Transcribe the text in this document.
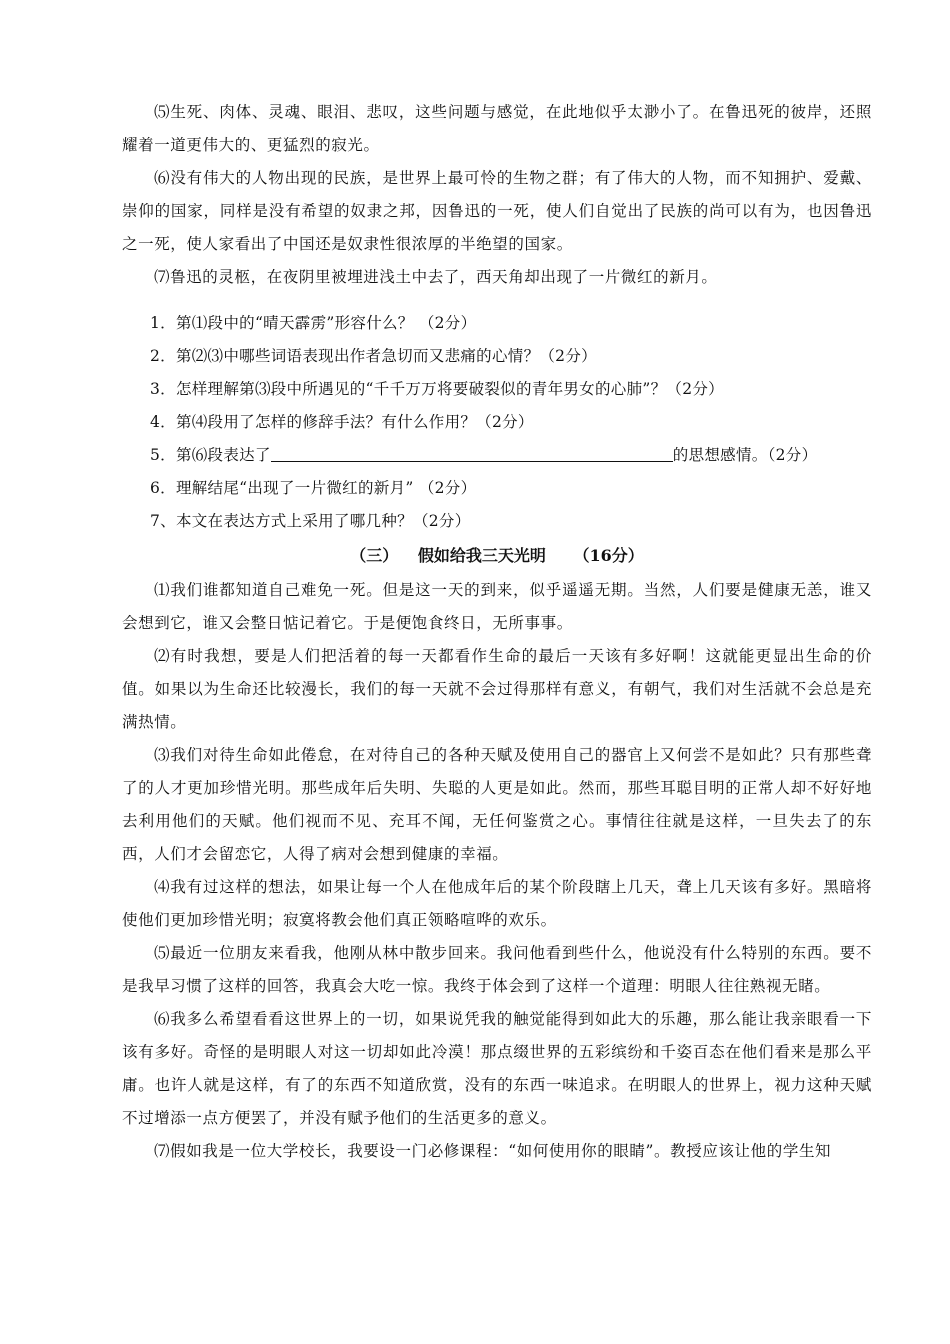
⑸生死、肉体、灵魂、眼泪、悲叹，这些问题与感觉，在此地似乎太渺小了。在鲁迅死的彼岸，还照耀着一道更伟大的、更猛烈的寂光。

⑹没有伟大的人物出现的民族，是世界上最可怜的生物之群；有了伟大的人物，而不知拥护、爱戴、崇仰的国家，同样是没有希望的奴隶之邦，因鲁迅的一死，使人们自觉出了民族的尚可以有为，也因鲁迅之一死，使人家看出了中国还是奴隶性很浓厚的半绝望的国家。

⑺鲁迅的灵柩，在夜阴里被埋进浅土中去了，西天角却出现了一片微红的新月。

1．第⑴段中的“晴天霹雳”形容什么？ （2分）

2．第⑵⑶中哪些词语表现出作者急切而又悲痛的心情？（2分）

3．怎样理解第⑶段中所遇见的“千千万万将要破裂似的青年男女的心肺”？（2分）

4．第⑷段用了怎样的修辞手法？有什么作用？（2分）

5．第⑹段表达了	的思想感情。（2分）

6．理解结尾“出现了一片微红的新月” （2分）

7、本文在表达方式上采用了哪几种？（2分）

（三） 假如给我三天光明 （16分）

⑴我们谁都知道自己难免一死。但是这一天的到来，似乎遥遥无期。当然，人们要是健康无恙，谁又会想到它，谁又会整日惦记着它。于是便饱食终日，无所事事。

⑵有时我想，要是人们把活着的每一天都看作生命的最后一天该有多好啊！这就能更显出生命的价值。如果以为生命还比较漫长，我们的每一天就不会过得那样有意义，有朝气，我们对生活就不会总是充满热情。

⑶我们对待生命如此倦怠，在对待自己的各种天赋及使用自己的器官上又何尝不是如此？只有那些聋了的人才更加珍惜光明。那些成年后失明、失聪的人更是如此。然而，那些耳聪目明的正常人却不好好地去利用他们的天赋。他们视而不见、充耳不闻，无任何鉴赏之心。事情往往就是这样，一旦失去了的东西，人们才会留恋它，人得了病对会想到健康的幸福。

⑷我有过这样的想法，如果让每一个人在他成年后的某个阶段瞎上几天，聋上几天该有多好。黑暗将使他们更加珍惜光明；寂寞将教会他们真正领略喧哗的欢乐。

⑸最近一位朋友来看我，他刚从林中散步回来。我问他看到些什么，他说没有什么特别的东西。要不是我早习惯了这样的回答，我真会大吃一惊。我终于体会到了这样一个道理：明眼人往往熟视无睹。

⑹我多么希望看看这世界上的一切，如果说凭我的触觉能得到如此大的乐趣，那么能让我亲眼看一下该有多好。奇怪的是明眼人对这一切却如此冷漠！那点缀世界的五彩缤纷和千姿百态在他们看来是那么平庸。也许人就是这样，有了的东西不知道欣赏，没有的东西一味追求。在明眼人的世界上，视力这种天赋不过增添一点方便罢了，并没有赋予他们的生活更多的意义。

⑺假如我是一位大学校长，我要设一门必修课程：“如何使用你的眼睛”。教授应该让他的学生知
